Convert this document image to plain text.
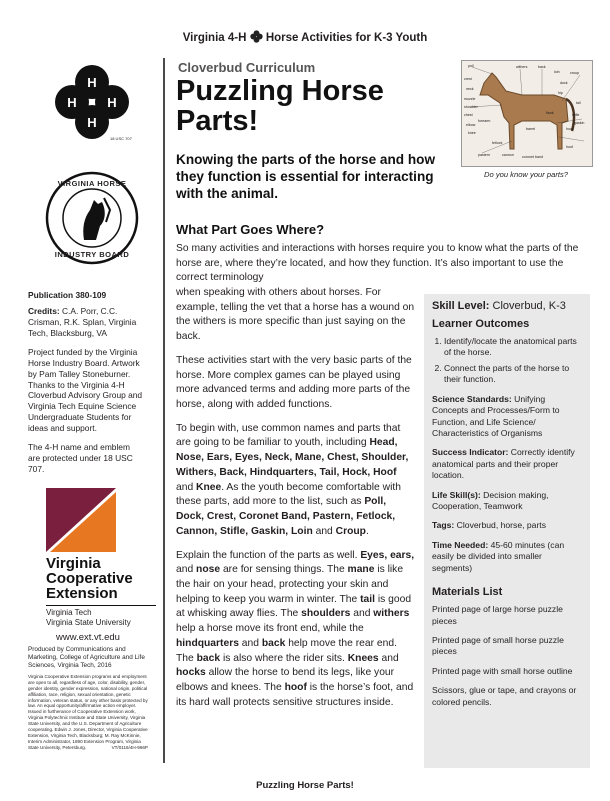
Virginia 4-H  Horse Activities for K-3 Youth
H
H
H H
18 USC 707
VIRGINIA HORSE
INDUSTRY BOARD

Publication 380-109

Credits: C.A. Porr, C.C. Crisman, R.K. Splan, Virginia Tech, Blacksburg, VA

Project funded by the Virginia Horse Industry Board. Artwork by Pam Talley Stoneburner. Thanks to the Virginia 4-H Cloverbud Advisory Group and Virginia Tech Equine Science Undergraduate Students for ideas and support.

The 4-H name and emblem are protected under 18 USC 707.

Virginia
Cooperative
Extension
Virginia Tech
Virginia State University
www.ext.vt.edu
Produced by Communications and Marketing, College of Agriculture and Life Sciences, Virginia Tech, 2016
Virginia Cooperative Extension programs and employment are open to all, regardless of age, color, disability, gender, gender identity, gender expression, national origin, political affiliation, race, religion, sexual orientation, genetic information, veteran status, or any other basis protected by law. An equal opportunity/affirmative action employer. Issued in furtherance of Cooperative Extension work, Virginia Polytechnic Institute and State University, Virginia State University, and the U.S. Department of Agriculture cooperating. Edwin J. Jones, Director, Virginia Cooperative Extension, Virginia Tech, Blacksburg; M. Ray McKinnie, Interim Administrator, 1890 Extension Program, Virginia State University, Petersburg.	VT/0116/4H-966P
Cloverbud Curriculum
Puzzling Horse
Parts!
Knowing the parts of the horse and how they function is essential for interacting with the animal.
poll	withers	back
loin	croup
crest
neck
muzzle
shoulder
chest
elbow
knee
hock
hoof
pastern
fetlock
cannon
stifle
gaskin
tail
dock
flank
hip
coronet band
forearm
barrel
Do you know your parts?
What Part Goes Where?

So many activities and interactions with horses require you to know what the parts of the horse are, where they’re located, and how they function. It’s also important to use the correct terminology

when speaking with others about horses. For example, telling the vet that a horse has a wound on the withers is more specific than just saying on the back.

These activities start with the very basic parts of the horse. More complex games can be played using more advanced terms and adding more parts of the horse, along with added functions.

To begin with, use common names and parts that are going to be familiar to youth, including Head, Nose, Ears, Eyes, Neck, Mane, Chest, Shoulder, Withers, Back, Hindquarters, Tail, Hock, Hoof and Knee. As the youth become comfortable with these parts, add more to the list, such as Poll, Dock, Crest, Coronet Band, Pastern, Fetlock, Cannon, Stifle, Gaskin, Loin and Croup.

Explain the function of the parts as well. Eyes, ears, and nose are for sensing things. The mane is like the hair on your head, protecting your skin and helping to keep you warm in winter. The tail is good at whisking away flies. The shoulders and withers help a horse move its front end, while the hindquarters and back help move the rear end. The back is also where the rider sits. Knees and hocks allow the horse to bend its legs, like your elbows and knees. The hoof is the horse’s foot, and its hard wall protects sensitive structures inside.

Skill Level: Cloverbud, K-3

Learner Outcomes

1. Identify/locate the anatomical parts of the horse.
2. Connect the parts of the horse to their function.

Science Standards: Unifying Concepts and Processes/Form to Function, and Life Science/ Characteristics of Organisms

Success Indicator: Correctly identify anatomical parts and their proper location.

Life Skill(s): Decision making, Cooperation, Teamwork

Tags: Cloverbud, horse, parts

Time Needed: 45-60 minutes (can easily be divided into smaller segments)

Materials List

Printed page of large horse puzzle pieces

Printed page of small horse puzzle pieces

Printed page with small horse outline

Scissors, glue or tape, and crayons or colored pencils.

Puzzling Horse Parts!
